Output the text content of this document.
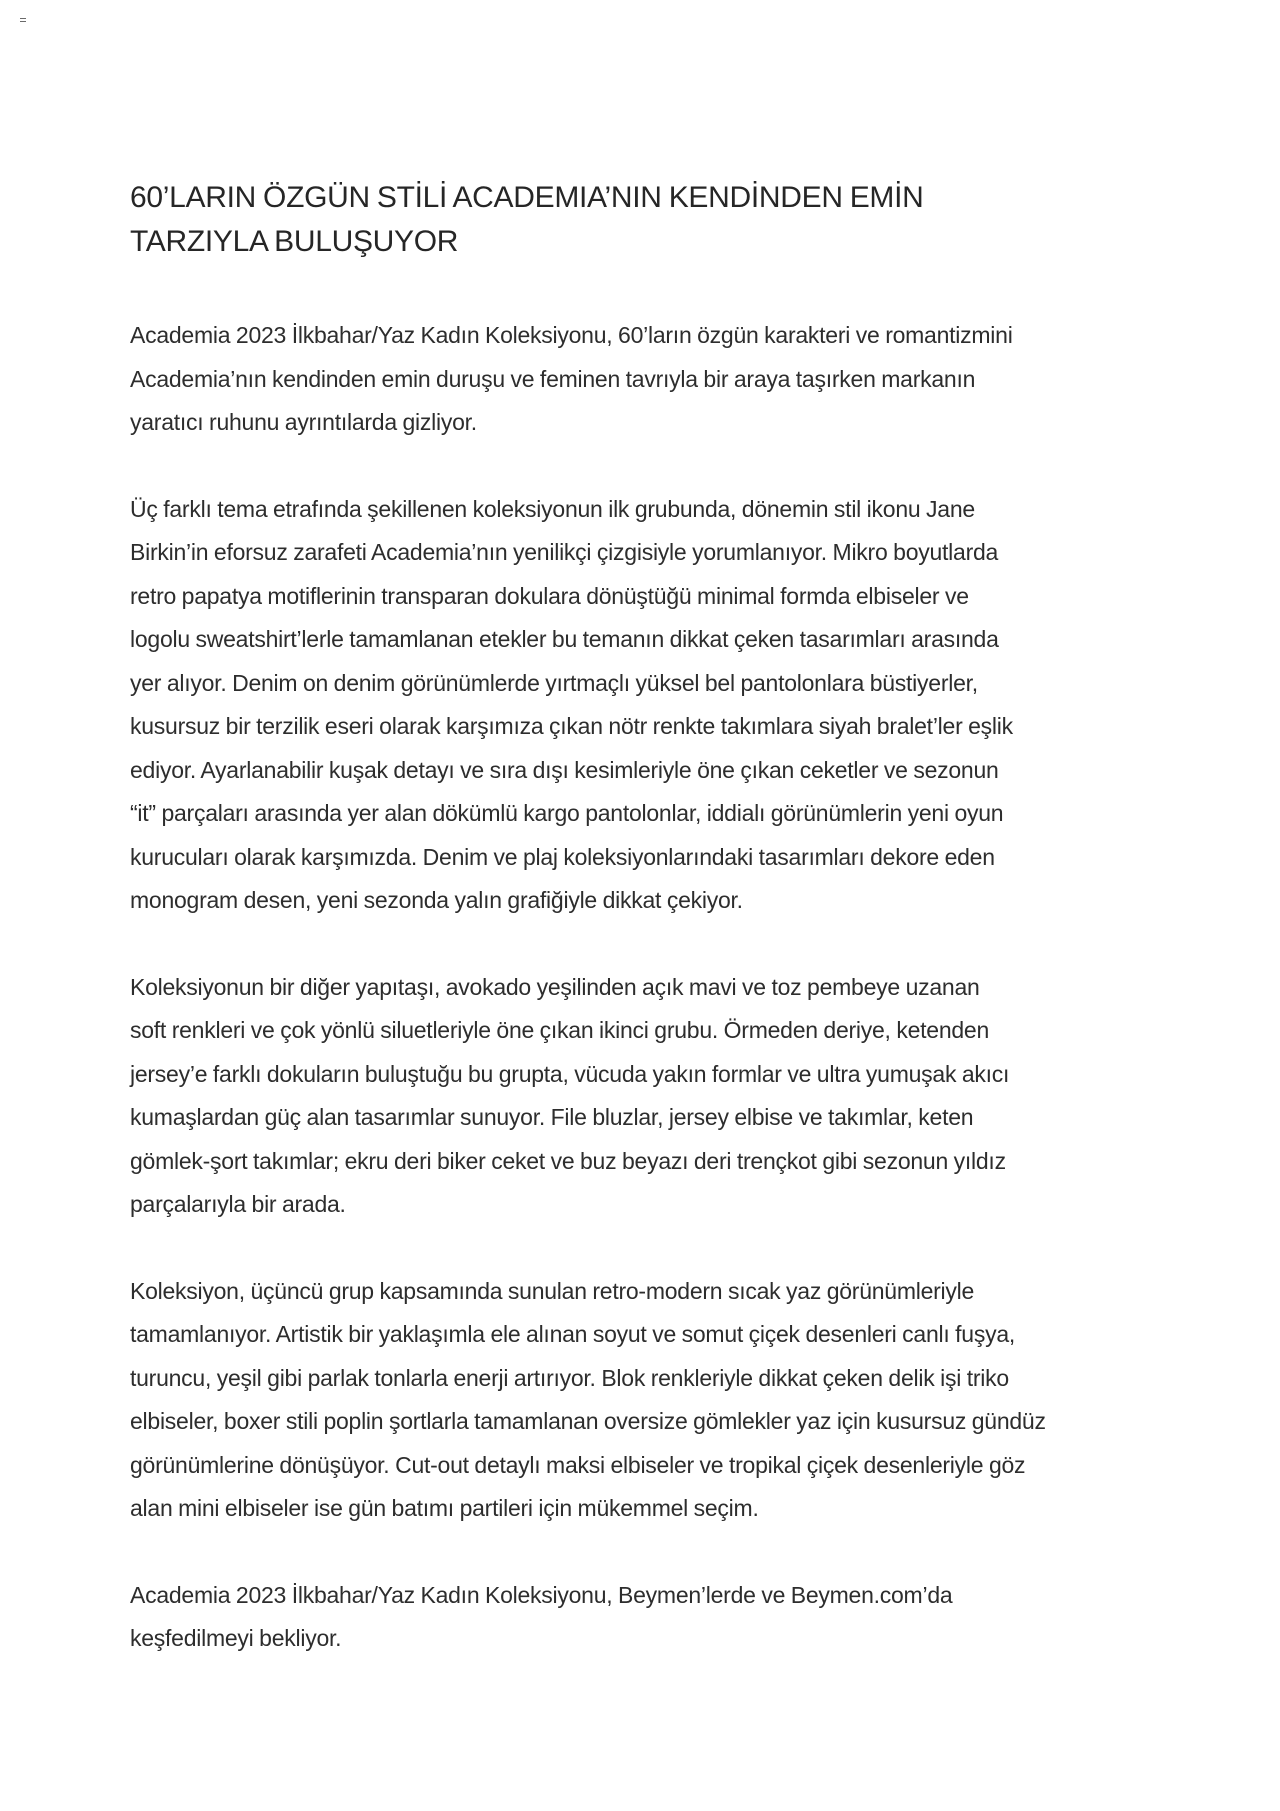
60’LARIN ÖZGÜN STİLİ ACADEMIA’NIN KENDİNDEN EMİN
TARZIYLA BULUŞUYOR

Academia 2023 İlkbahar/Yaz Kadın Koleksiyonu, 60’ların özgün karakteri ve romantizmini
Academia’nın kendinden emin duruşu ve feminen tavrıyla bir araya taşırken markanın
yaratıcı ruhunu ayrıntılarda gizliyor.

Üç farklı tema etrafında şekillenen koleksiyonun ilk grubunda, dönemin stil ikonu Jane
Birkin’in eforsuz zarafeti Academia’nın yenilikçi çizgisiyle yorumlanıyor. Mikro boyutlarda
retro papatya motiflerinin transparan dokulara dönüştüğü minimal formda elbiseler ve
logolu sweatshirt’lerle tamamlanan etekler bu temanın dikkat çeken tasarımları arasında
yer alıyor. Denim on denim görünümlerde yırtmaçlı yüksel bel pantolonlara büstiyerler,
kusursuz bir terzilik eseri olarak karşımıza çıkan nötr renkte takımlara siyah bralet’ler eşlik
ediyor. Ayarlanabilir kuşak detayı ve sıra dışı kesimleriyle öne çıkan ceketler ve sezonun
“it” parçaları arasında yer alan dökümlü kargo pantolonlar, iddialı görünümlerin yeni oyun
kurucuları olarak karşımızda. Denim ve plaj koleksiyonlarındaki tasarımları dekore eden
monogram desen, yeni sezonda yalın grafiğiyle dikkat çekiyor.

Koleksiyonun bir diğer yapıtaşı, avokado yeşilinden açık mavi ve toz pembeye uzanan
soft renkleri ve çok yönlü siluetleriyle öne çıkan ikinci grubu. Örmeden deriye, ketenden
jersey’e farklı dokuların buluştuğu bu grupta, vücuda yakın formlar ve ultra yumuşak akıcı
kumaşlardan güç alan tasarımlar sunuyor. File bluzlar, jersey elbise ve takımlar, keten
gömlek-şort takımlar; ekru deri biker ceket ve buz beyazı deri trençkot gibi sezonun yıldız
parçalarıyla bir arada.

Koleksiyon, üçüncü grup kapsamında sunulan retro-modern sıcak yaz görünümleriyle
tamamlanıyor. Artistik bir yaklaşımla ele alınan soyut ve somut çiçek desenleri canlı fuşya,
turuncu, yeşil gibi parlak tonlarla enerji artırıyor. Blok renkleriyle dikkat çeken delik işi triko
elbiseler, boxer stili poplin şortlarla tamamlanan oversize gömlekler yaz için kusursuz gündüz
görünümlerine dönüşüyor. Cut-out detaylı maksi elbiseler ve tropikal çiçek desenleriyle göz
alan mini elbiseler ise gün batımı partileri için mükemmel seçim.

Academia 2023 İlkbahar/Yaz Kadın Koleksiyonu, Beymen’lerde ve Beymen.com’da
keşfedilmeyi bekliyor.
